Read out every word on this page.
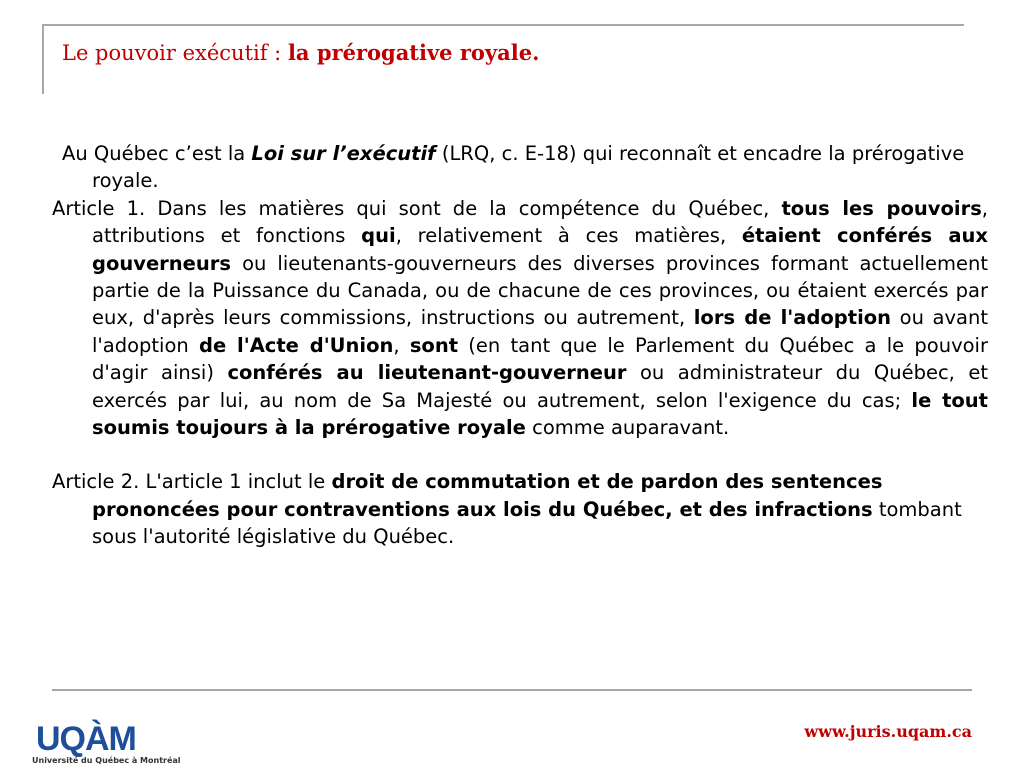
Le pouvoir exécutif : la prérogative royale.

Au Québec c’est la Loi sur l’exécutif (LRQ, c. E-18) qui reconnaît et encadre la prérogative royale.

Article 1. Dans les matières qui sont de la compétence du Québec, tous les pouvoirs, attributions et fonctions qui, relativement à ces matières, étaient conférés aux gouverneurs ou lieutenants-gouverneurs des diverses provinces formant actuellement partie de la Puissance du Canada, ou de chacune de ces provinces, ou étaient exercés par eux, d'après leurs commissions, instructions ou autrement, lors de l'adoption ou avant l'adoption de l'Acte d'Union, sont (en tant que le Parlement du Québec a le pouvoir d'agir ainsi) conférés au lieutenant-gouverneur ou administrateur du Québec, et exercés par lui, au nom de Sa Majesté ou autrement, selon l'exigence du cas; le tout soumis toujours à la prérogative royale comme auparavant.

Article 2. L'article 1 inclut le droit de commutation et de pardon des sentences prononcées pour contraventions aux lois du Québec, et des infractions tombant sous l'autorité législative du Québec.

UQÀM
Université du Québec à Montréal
www.juris.uqam.ca
